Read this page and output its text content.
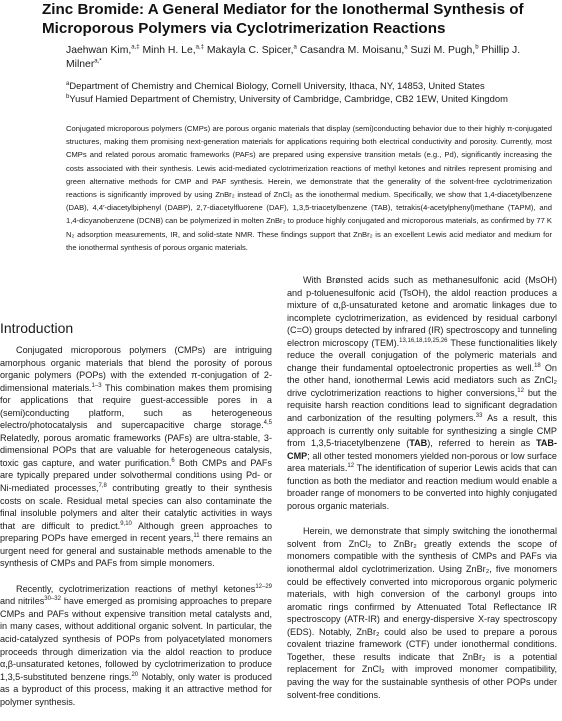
Zinc Bromide: A General Mediator for the Ionothermal Synthesis of Microporous Polymers via Cyclotrimerization Reactions
Jaehwan Kim,$^{a,\ddagger}$ Minh H. Le,$^{a,\ddagger}$ Makayla C. Spicer,$^a$ Casandra M. Moisanu,$^a$ Suzi M. Pugh,$^b$ Phillip J. Milner$^{a,*}$
$^a$Department of Chemistry and Chemical Biology, Cornell University, Ithaca, NY, 14853, United States
$^b$Yusuf Hamied Department of Chemistry, University of Cambridge, Cambridge, CB2 1EW, United Kingdom
Conjugated microporous polymers (CMPs) are porous organic materials that display (semi)conducting behavior due to their highly π-conjugated structures, making them promising next-generation materials for applications requiring both electrical conductivity and porosity. Currently, most CMPs and related porous aromatic frameworks (PAFs) are prepared using expensive transition metals (e.g., Pd), significantly increasing the costs associated with their synthesis. Lewis acid-mediated cyclotrimerization reactions of methyl ketones and nitriles represent promising and green alternative methods for CMP and PAF synthesis. Herein, we demonstrate that the generality of the solvent-free cyclotrimerization reactions is significantly improved by using ZnBr₂ instead of ZnCl₂ as the ionothermal medium. Specifically, we show that 1,4-diacetylbenzene (DAB), 4,4′-diacetylbiphenyl (DABP), 2,7-diacetylfluorene (DAF), 1,3,5-triacetylbenzene (TAB), tetrakis(4-acetylphenyl)methane (TAPM), and 1,4-dicyanobenzene (DCNB) can be polymerized in molten ZnBr₂ to produce highly conjugated and microporous materials, as confirmed by 77 K N₂ adsorption measurements, IR, and solid-state NMR. These findings support that ZnBr₂ is an excellent Lewis acid mediator and medium for the ionothermal synthesis of porous organic materials.
Introduction

Conjugated microporous polymers (CMPs) are intriguing amorphous organic materials that blend the porosity of porous organic polymers (POPs) with the extended π-conjugation of 2-dimensional materials.$^{1-3}$ This combination makes them promising for applications that require guest-accessible pores in a (semi)conducting platform, such as heterogeneous electro/photocatalysis and supercapacitive charge storage.$^{4,5}$ Relatedly, porous aromatic frameworks (PAFs) are ultra-stable, 3-dimensional POPs that are valuable for heterogeneous catalysis, toxic gas capture, and water purification.$^6$ Both CMPs and PAFs are typically prepared under solvothermal conditions using Pd- or Ni-mediated processes,$^{7,8}$ contributing greatly to their synthesis costs on scale. Residual metal species can also contaminate the final insoluble polymers and alter their catalytic activities in ways that are difficult to predict.$^{9,10}$ Although green approaches to preparing POPs have emerged in recent years,$^{11}$ there remains an urgent need for general and sustainable methods amenable to the synthesis of CMPs and PAFs from simple monomers.

Recently, cyclotrimerization reactions of methyl ketones$^{12-29}$ and nitriles$^{30-32}$ have emerged as promising approaches to prepare CMPs and PAFs without expensive transition metal catalysts and, in many cases, without additional organic solvent. In particular, the acid-catalyzed synthesis of POPs from polyacetylated monomers proceeds through dimerization via the aldol reaction to produce α,β-unsaturated ketones, followed by cyclotrimerization to produce 1,3,5-substituted benzene rings.$^{20}$ Notably, only water is produced as a byproduct of this process, making it an attractive method for polymer synthesis.

With Brønsted acids such as methanesulfonic acid (MsOH) and p-toluenesulfonic acid (TsOH), the aldol reaction produces a mixture of α,β-unsaturated ketone and aromatic linkages due to incomplete cyclotrimerization, as evidenced by residual carbonyl (C=O) groups detected by infrared (IR) spectroscopy and tunneling electron microscopy (TEM).$^{13,16,18,19,25,26}$ These functionalities likely reduce the overall conjugation of the polymeric materials and change their fundamental optoelectronic properties as well.$^{18}$ On the other hand, ionothermal Lewis acid mediators such as ZnCl₂ drive cyclotrimerization reactions to higher conversions,$^{12}$ but the requisite harsh reaction conditions lead to significant degradation and carbonization of the resulting polymers.$^{33}$ As a result, this approach is currently only suitable for synthesizing a single CMP from 1,3,5-triacetylbenzene (TAB), referred to herein as TAB-CMP; all other tested monomers yielded non-porous or low surface area materials.$^{12}$ The identification of superior Lewis acids that can function as both the mediator and reaction medium would enable a broader range of monomers to be converted into highly conjugated porous organic materials.

Herein, we demonstrate that simply switching the ionothermal solvent from ZnCl₂ to ZnBr₂ greatly extends the scope of monomers compatible with the synthesis of CMPs and PAFs via ionothermal aldol cyclotrimerization. Using ZnBr₂, five monomers could be effectively converted into microporous organic polymeric materials, with high conversion of the carbonyl groups into aromatic rings confirmed by Attenuated Total Reflectance IR spectroscopy (ATR-IR) and energy-dispersive X-ray spectroscopy (EDS). Notably, ZnBr₂ could also be used to prepare a porous covalent triazine framework (CTF) under ionothermal conditions. Together, these results indicate that ZnBr₂ is a potential replacement for ZnCl₂ with improved monomer compatibility, paving the way for the sustainable synthesis of other POPs under solvent-free conditions.
